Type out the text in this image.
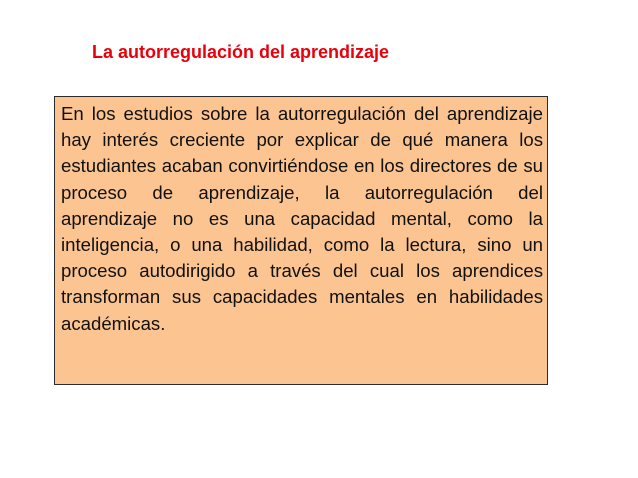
La autorregulación del aprendizaje

En los estudios sobre la autorregulación del aprendizaje hay interés creciente por explicar de qué manera los estudiantes acaban convirtiéndose en los directores de su proceso de aprendizaje, la autorregulación del aprendizaje no es una capacidad mental, como la inteligencia, o una habilidad, como la lectura, sino un proceso autodirigido a través del cual los aprendices transforman sus capacidades mentales en habilidades académicas.
